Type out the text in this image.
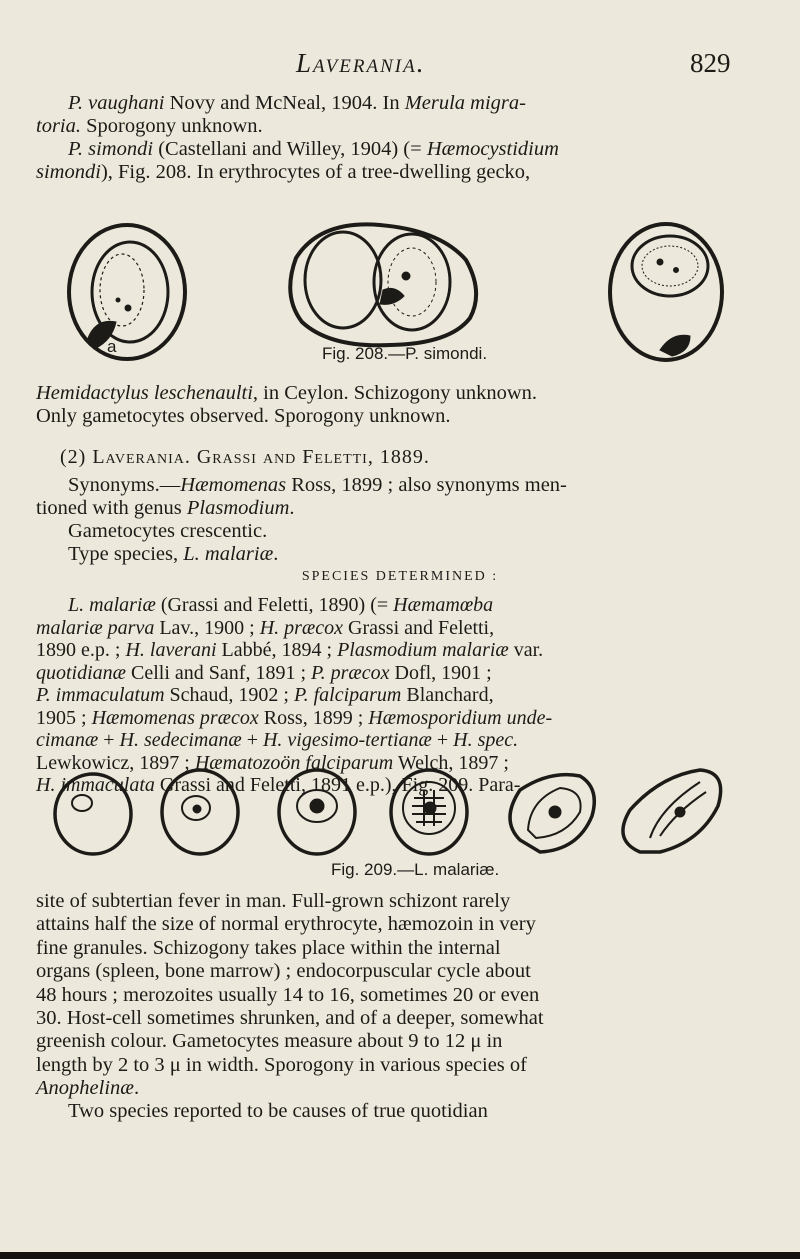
Laverania.	829
P. vaughani Novy and McNeal, 1904. In Merula migra-
toria. Sporogony unknown.
P. simondi (Castellani and Willey, 1904) (= Hæmocystidium
simondi), Fig. 208. In erythrocytes of a tree-dwelling gecko,
a	Fig. 208.—P. simondi.
Hemidactylus leschenaulti, in Ceylon. Schizogony unknown.
Only gametocytes observed. Sporogony unknown.
(2) Laverania. Grassi and Feletti, 1889.
Synonyms.—Hæmomenas Ross, 1899 ; also synonyms men-
tioned with genus Plasmodium.
Gametocytes crescentic.
Type species, L. malariæ.
SPECIES DETERMINED :
L. malariæ (Grassi and Feletti, 1890) (= Hæmamœba
malariæ parva Lav., 1900 ; H. præcox Grassi and Feletti,
1890 e.p. ; H. laverani Labbé, 1894 ; Plasmodium malariæ var.
quotidianæ Celli and Sanf, 1891 ; P. præcox Dofl, 1901 ;
P. immaculatum Schaud, 1902 ; P. falciparum Blanchard,
1905 ; Hæmomenas præcox Ross, 1899 ; Hæmosporidium unde-
cimanæ + H. sedecimanæ + H. vigesimo-tertianæ + H. spec.
Lewkowicz, 1897 ; Hæmatozoön falciparum Welch, 1897 ;
H. immaculata Grassi and Feletti, 1891 e.p.), Fig. 209. Para-
Fig. 209.—L. malariæ.
site of subtertian fever in man. Full-grown schizont rarely
attains half the size of normal erythrocyte, hæmozoin in very
fine granules. Schizogony takes place within the internal
organs (spleen, bone marrow) ; endocorpuscular cycle about
48 hours ; merozoites usually 14 to 16, sometimes 20 or even
30. Host-cell sometimes shrunken, and of a deeper, somewhat
greenish colour. Gametocytes measure about 9 to 12 μ in
length by 2 to 3 μ in width. Sporogony in various species of
Anophelinæ.
Two species reported to be causes of true quotidian
